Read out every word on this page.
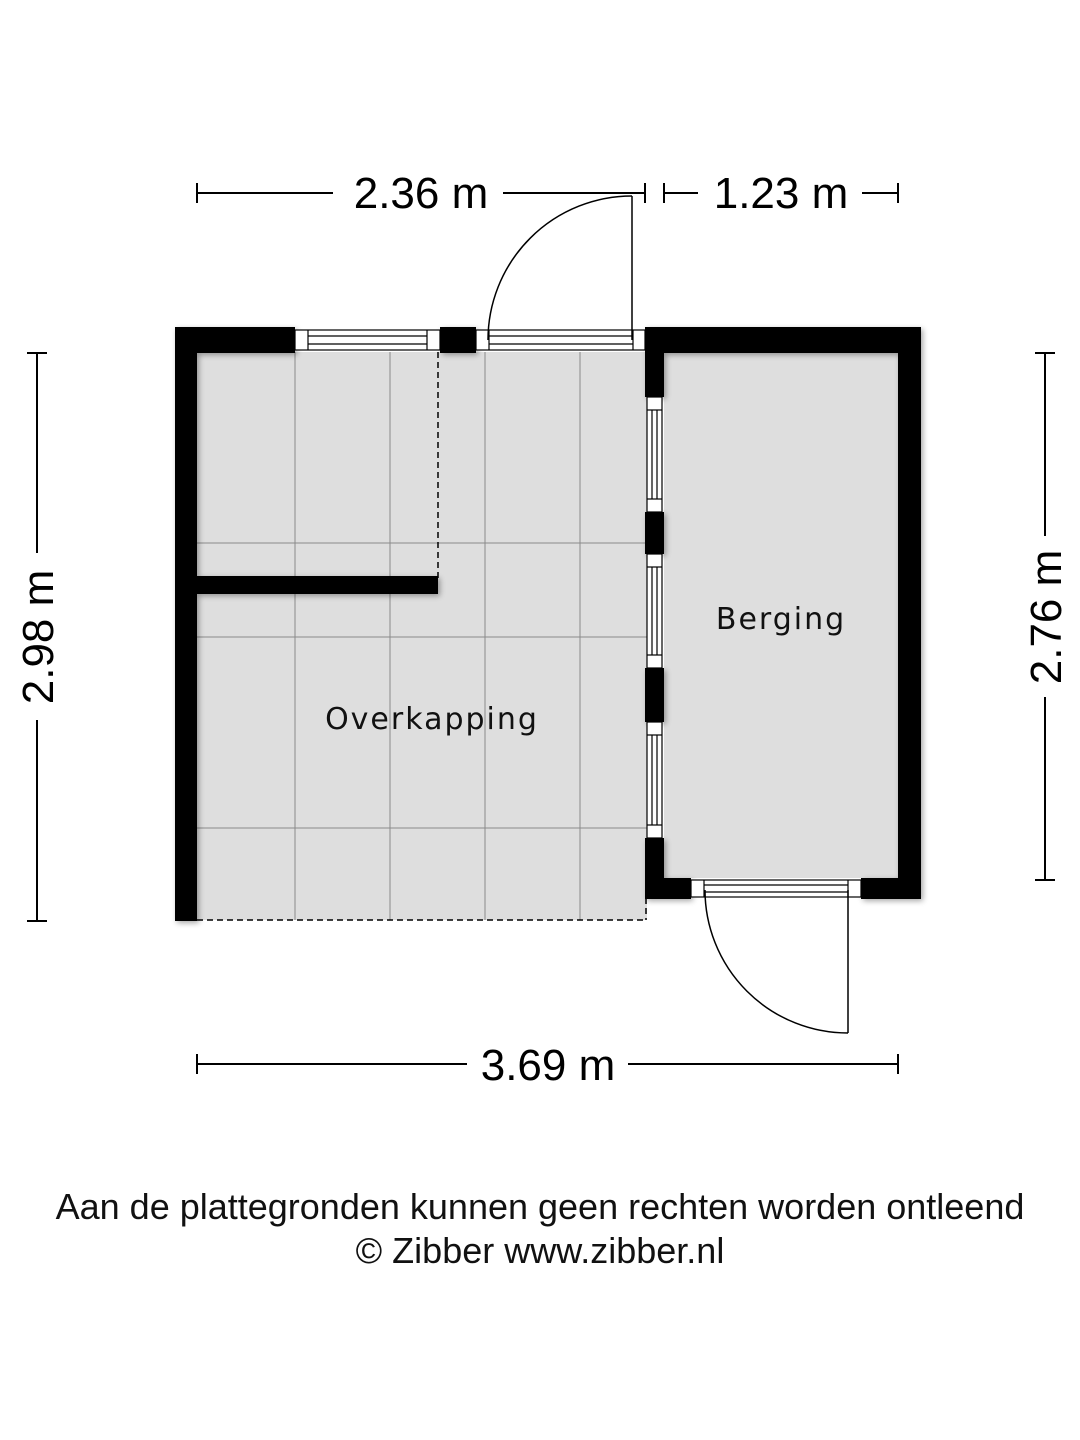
2.36 m	1.23 m
3.69 m
2.98 m	2.76 m
Overkapping
Berging

Aan de plattegronden kunnen geen rechten worden ontleend

© Zibber www.zibber.nl
